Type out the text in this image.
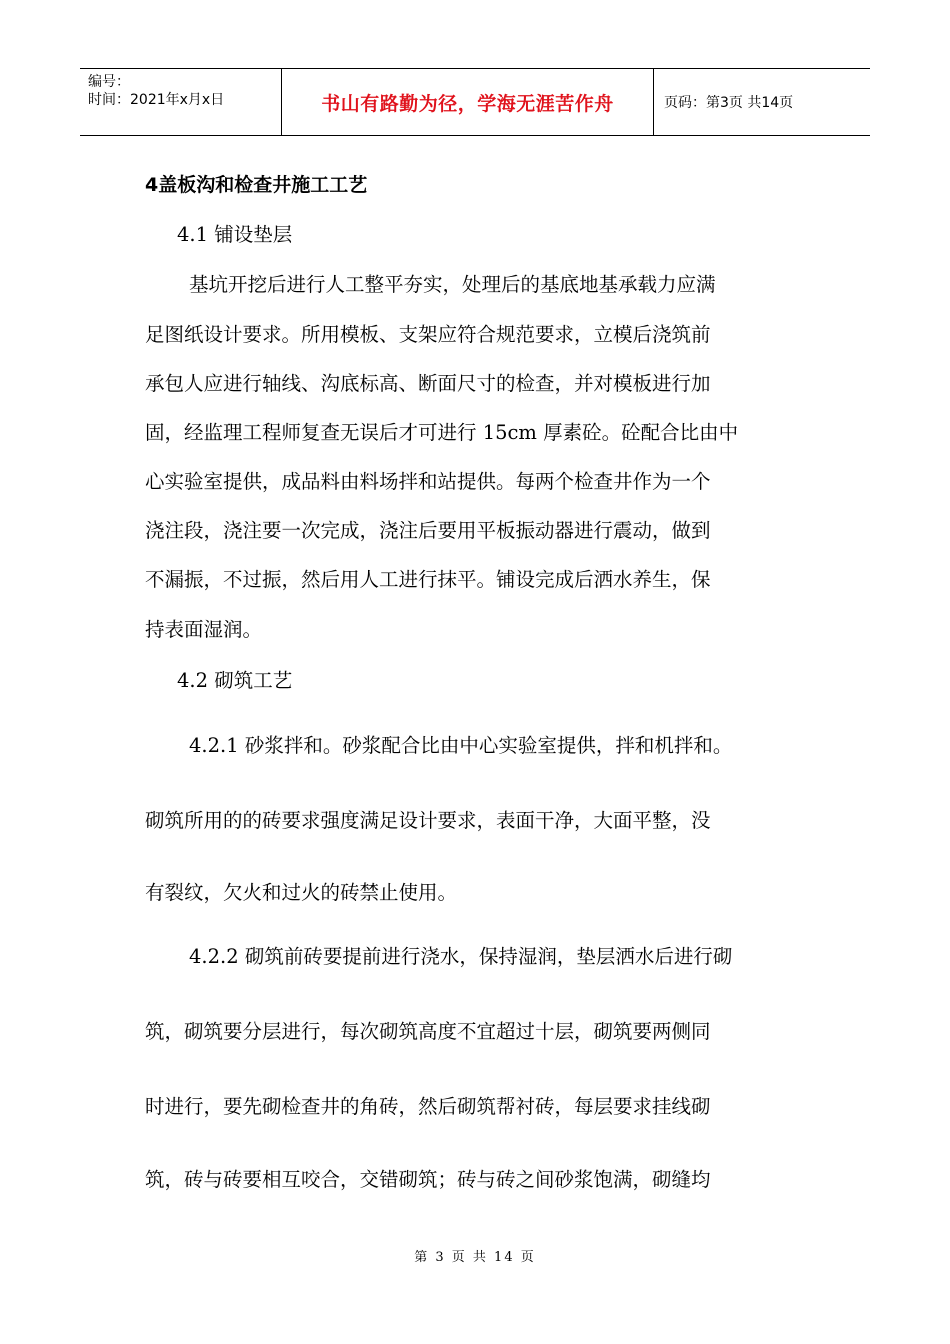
编号：
时间：2021年x月x日	书山有路勤为径，学海无涯苦作舟	页码：第3页 共14页
4盖板沟和检查井施工工艺
4.1 铺设垫层
基坑开挖后进行人工整平夯实，处理后的基底地基承载力应满
足图纸设计要求。所用模板、支架应符合规范要求，立模后浇筑前
承包人应进行轴线、沟底标高、断面尺寸的检查，并对模板进行加
固，经监理工程师复查无误后才可进行 15cm 厚素砼。砼配合比由中
心实验室提供，成品料由料场拌和站提供。每两个检查井作为一个
浇注段，浇注要一次完成，浇注后要用平板振动器进行震动，做到
不漏振，不过振，然后用人工进行抹平。铺设完成后洒水养生，保
持表面湿润。
4.2 砌筑工艺
4.2.1 砂浆拌和。砂浆配合比由中心实验室提供，拌和机拌和。
砌筑所用的的砖要求强度满足设计要求，表面干净，大面平整，没
有裂纹，欠火和过火的砖禁止使用。
4.2.2 砌筑前砖要提前进行浇水，保持湿润，垫层洒水后进行砌
筑，砌筑要分层进行，每次砌筑高度不宜超过十层，砌筑要两侧同
时进行，要先砌检查井的角砖，然后砌筑帮衬砖，每层要求挂线砌
筑，砖与砖要相互咬合，交错砌筑；砖与砖之间砂浆饱满，砌缝均
第 3 页 共 14 页
